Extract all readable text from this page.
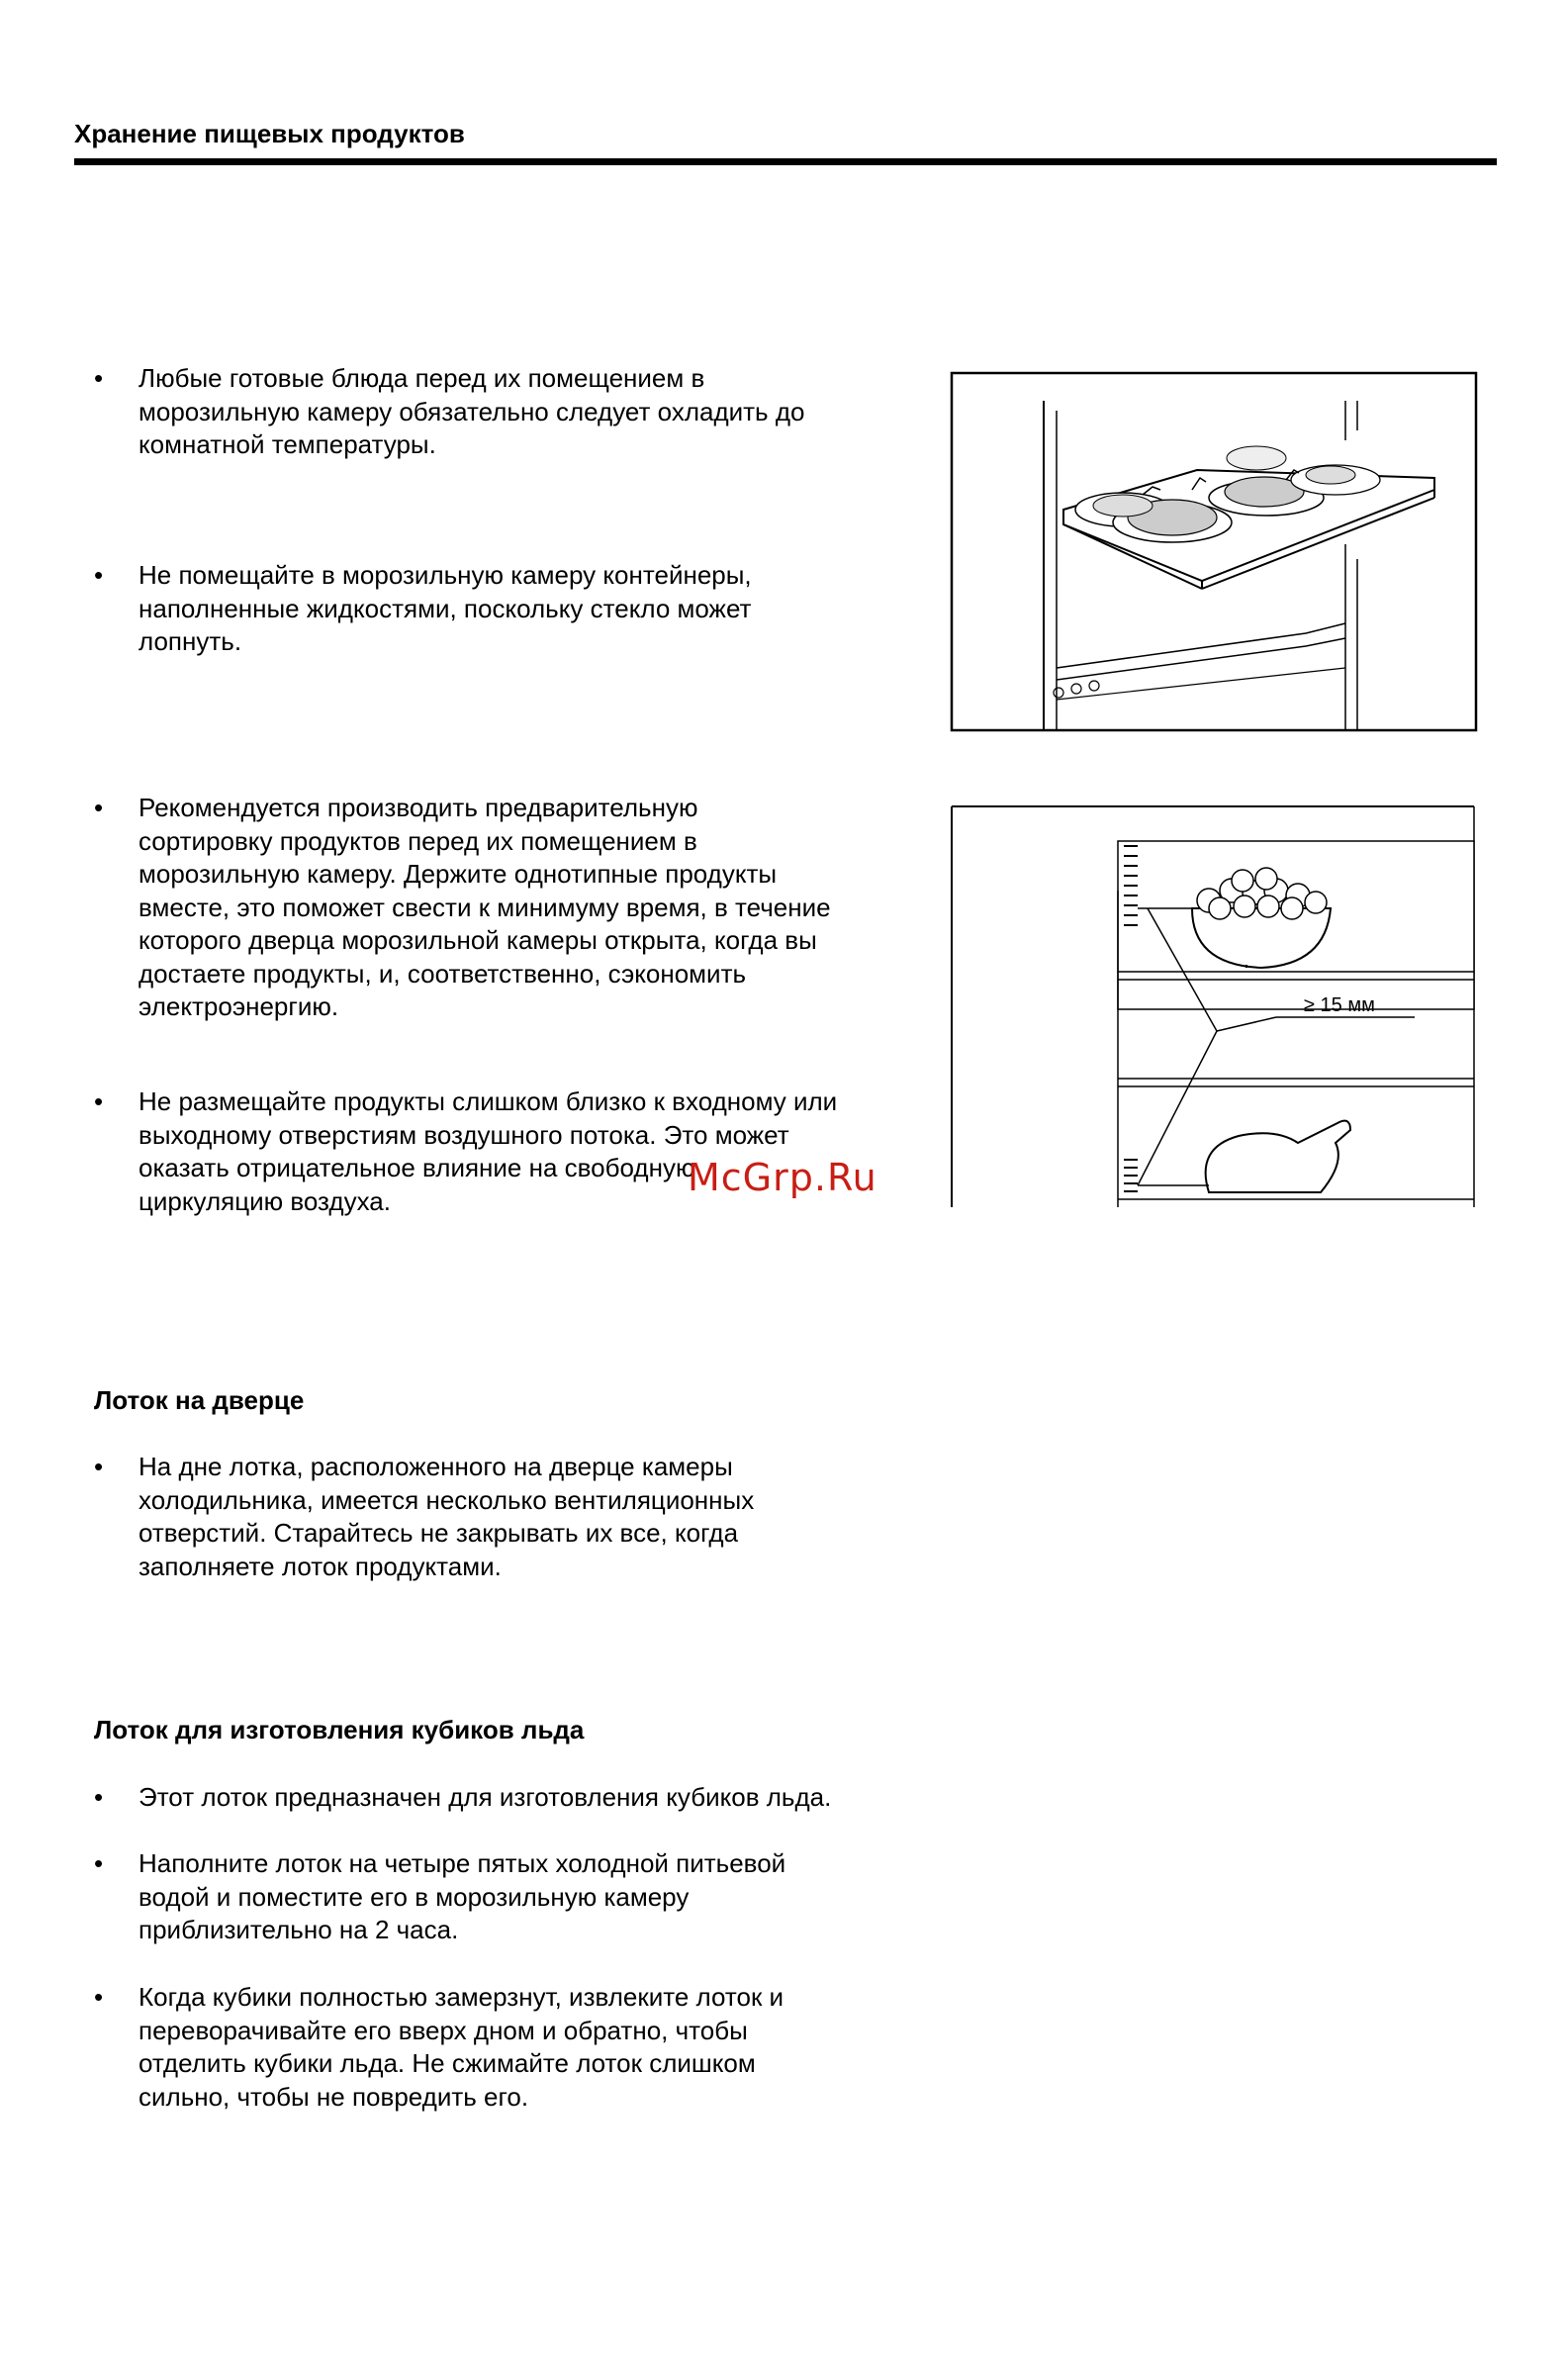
Хранение пищевых продуктов
• Любые готовые блюда перед их помещением в
морозильную камеру обязательно следует охладить до
комнатной температуры.
• Не помещайте в морозильную камеру контейнеры,
наполненные жидкостями, поскольку стекло может
лопнуть.
• Рекомендуется производить предварительную
сортировку продуктов перед их помещением в
морозильную камеру. Держите однотипные продукты
вместе, это поможет свести к минимуму время, в течение
которого дверца морозильной камеры открыта, когда вы
достаете продукты, и, соответственно, сэкономить
электроэнергию.
• Не размещайте продукты слишком близко к входному или
выходному отверстиям воздушного потока. Это может
оказать отрицательное влияние на свободную
циркуляцию воздуха.
≥ 15 мм
McGrp.Ru
Лоток на дверце
• На дне лотка, расположенного на дверце камеры
холодильника, имеется несколько вентиляционных
отверстий. Старайтесь не закрывать их все, когда
заполняете лоток продуктами.
Лоток для изготовления кубиков льда
• Этот лоток предназначен для изготовления кубиков льда.
• Наполните лоток на четыре пятых холодной питьевой
водой и поместите его в морозильную камеру
приблизительно на 2 часа.
• Когда кубики полностью замерзнут, извлеките лоток и
переворачивайте его вверх дном и обратно, чтобы
отделить кубики льда. Не сжимайте лоток слишком
сильно, чтобы не повредить его.
